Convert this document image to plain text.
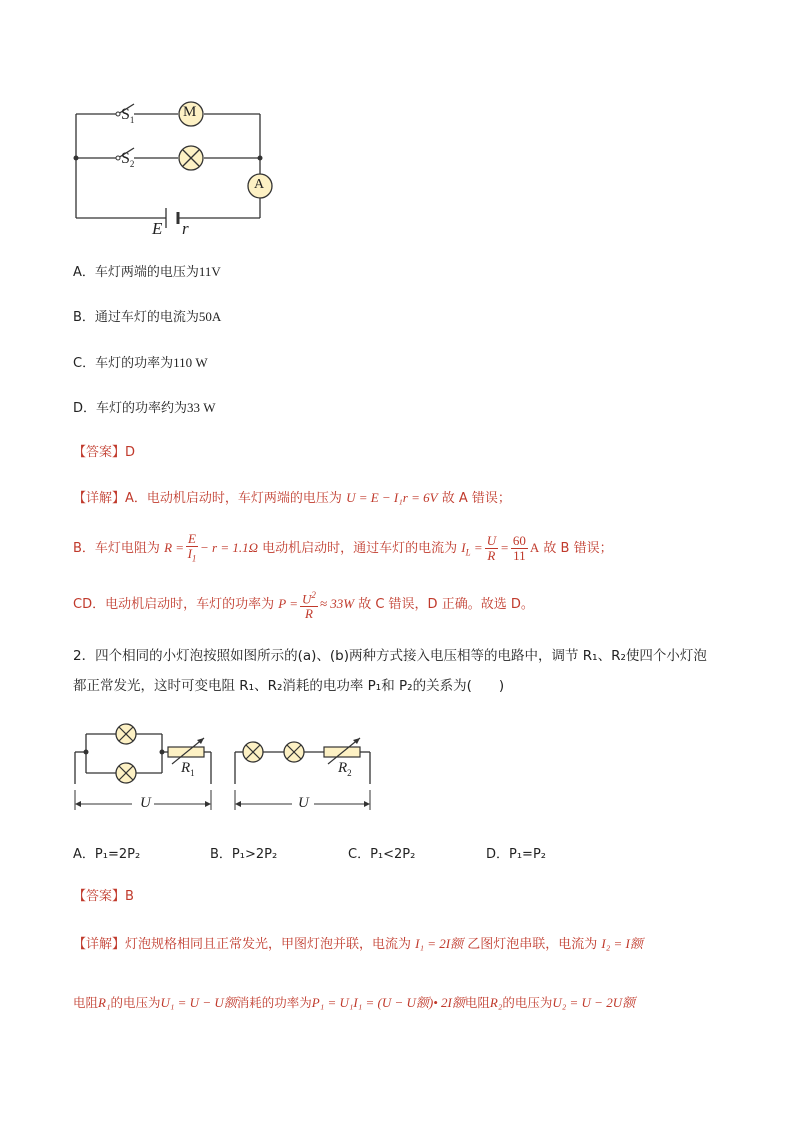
$S_1$
$S_2$
M
A
E r
A．车灯两端的电压为11V
B．通过车灯的电流为50A
C．车灯的功率为110 W
D．车灯的功率约为33 W
【答案】D
【详解】A．电动机启动时，车灯两端的电压为 U = E − I₁r = 6V 故 A 错误；
B．车灯电阻为 $R = \frac{E}{I_1} - r = 1.1\Omega$ 电动机启动时，通过车灯的电流为 $I_L = \frac{U}{R} = \frac{60}{11}$ A 故 B 错误；
CD．电动机启动时，车灯的功率为 $P = \frac{U^2}{R} \approx 33W$ 故 C 错误，D 正确。故选 D。
2．四个相同的小灯泡按照如图所示的(a)、(b)两种方式接入电压相等的电路中，调节 R₁、R₂使四个小灯泡
都正常发光，这时可变电阻 R₁、R₂消耗的电功率 P₁和 P₂的关系为(　　)
$R_1$
U
$R_2$
U
A．P₁=2P₂	B．P₁>2P₂	C．P₁<2P₂	D．P₁=P₂
【答案】B
【详解】灯泡规格相同且正常发光，甲图灯泡并联，电流为 I₁ = 2I额 乙图灯泡串联，电流为 I₂ = I额
电阻R₁的电压为U₁ = U − U额消耗的功率为P₁ = U₁I₁ = (U − U额)• 2I额电阻R₂的电压为U₂ = U − 2U额
